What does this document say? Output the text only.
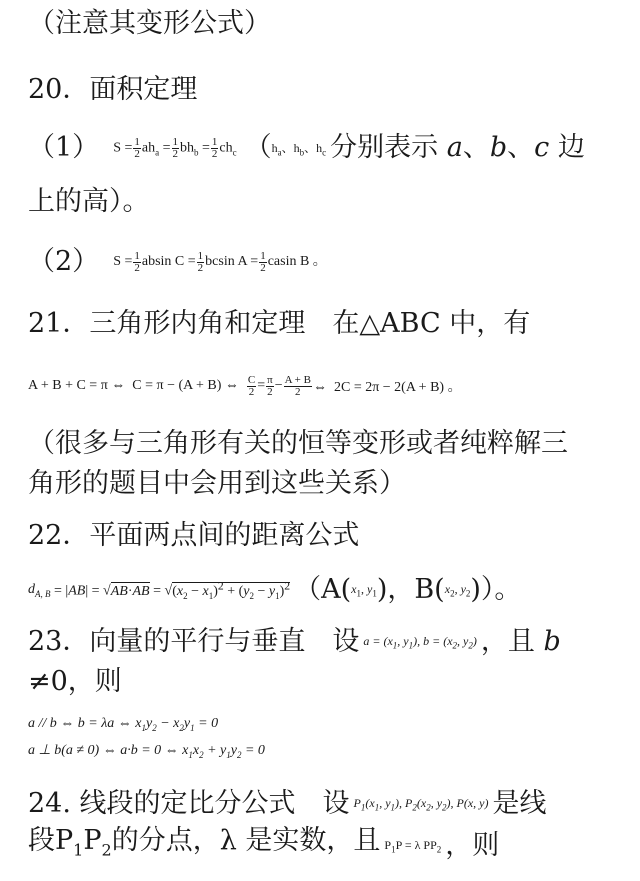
（注意其变形公式）
20．面积定理
（1） $S = \frac{1}{2} ah_a = \frac{1}{2} bh_b = \frac{1}{2} ch_c$ （ $h_a$、$h_b$、$h_c$ 分别表示 a、b、c 边
上的高）。
（2） $S = \frac{1}{2}$ absin $C = \frac{1}{2}$ bcsin $A = \frac{1}{2}$ casin B 。
21．三角形内角和定理　在△ABC 中，有
A + B + C = π ⇔  C = π − (A + B) ⇔ $\frac{C}{2} = \frac{\pi}{2} - \frac{A + B}{2}$ ⇔  2C = 2π − 2(A + B) 。
（很多与三角形有关的恒等变形或者纯粹解三
角形的题目中会用到这些关系）
22．平面两点间的距离公式
$d_{A, B} = |AB| = √AB\cdot AB = √(x_2 - x_1)^2 + (y_2 - y_1)^2$ （A( $x_1$, $y_1$ )，B( $x_2$, $y_2$ )）。
23．向量的平行与垂直　设 $a = (x_1$, $y_1$), $b = (x_2$, $y_2$) ，且 b
≠0，则
a // b ⇔ b = λa ⇔ $x_1y_2 - x_2y_1 = 0$
a ⊥ b(a ≠ 0) ⇔ a·b = 0 ⇔ $x_1x_2 + y_1y_2 = 0$
24. 线段的定比分公式　设 $P_1(x_1$, $y_1$), $P_2(x_2$, $y_2$), P(x, y) 是线
段$P_1P_2$的分点，λ 是实数，且 $P_1P = \lambda$ $PP_2$ ，则
